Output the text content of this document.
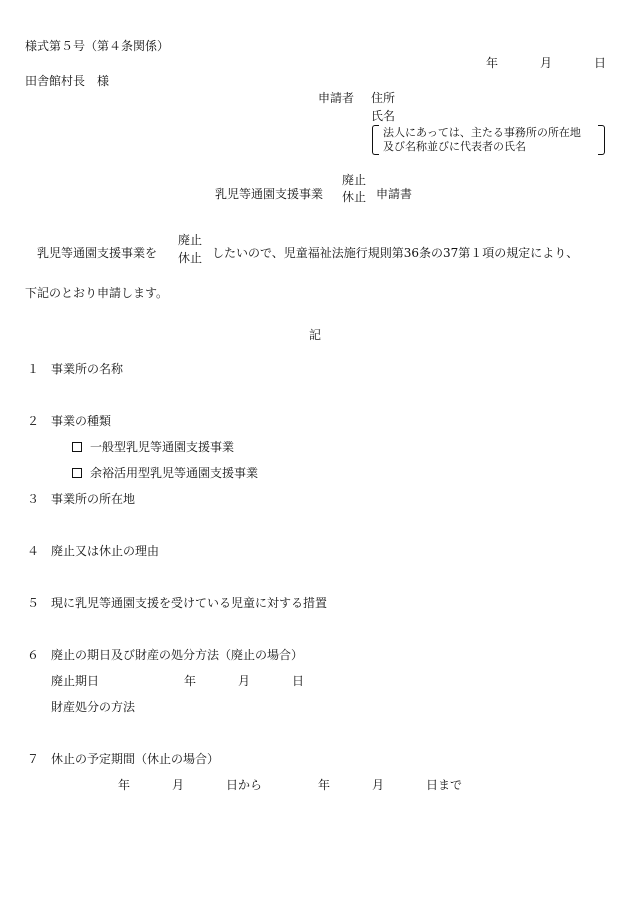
様式第５号（第４条関係）
年	月	日
田舎館村長　様
申請者 住所
氏名
法人にあっては、主たる事務所の所在地
及び名称並びに代表者の氏名
乳児等通園支援事業
廃止
休止 申請書
乳児等通園支援事業を
廃止
休止 したいので、児童福祉法施行規則第36条の37第１項の規定により、
下記のとおり申請します。
記
１ 事業所の名称
２ 事業の種類
一般型乳児等通園支援事業
余裕活用型乳児等通園支援事業
３ 事業所の所在地
４ 廃止又は休止の理由
５ 現に乳児等通園支援を受けている児童に対する措置
６ 廃止の期日及び財産の処分方法（廃止の場合）
廃止期日	年	月	日
財産処分の方法
７ 休止の予定期間（休止の場合）
年	月	日から	年	月	日まで
